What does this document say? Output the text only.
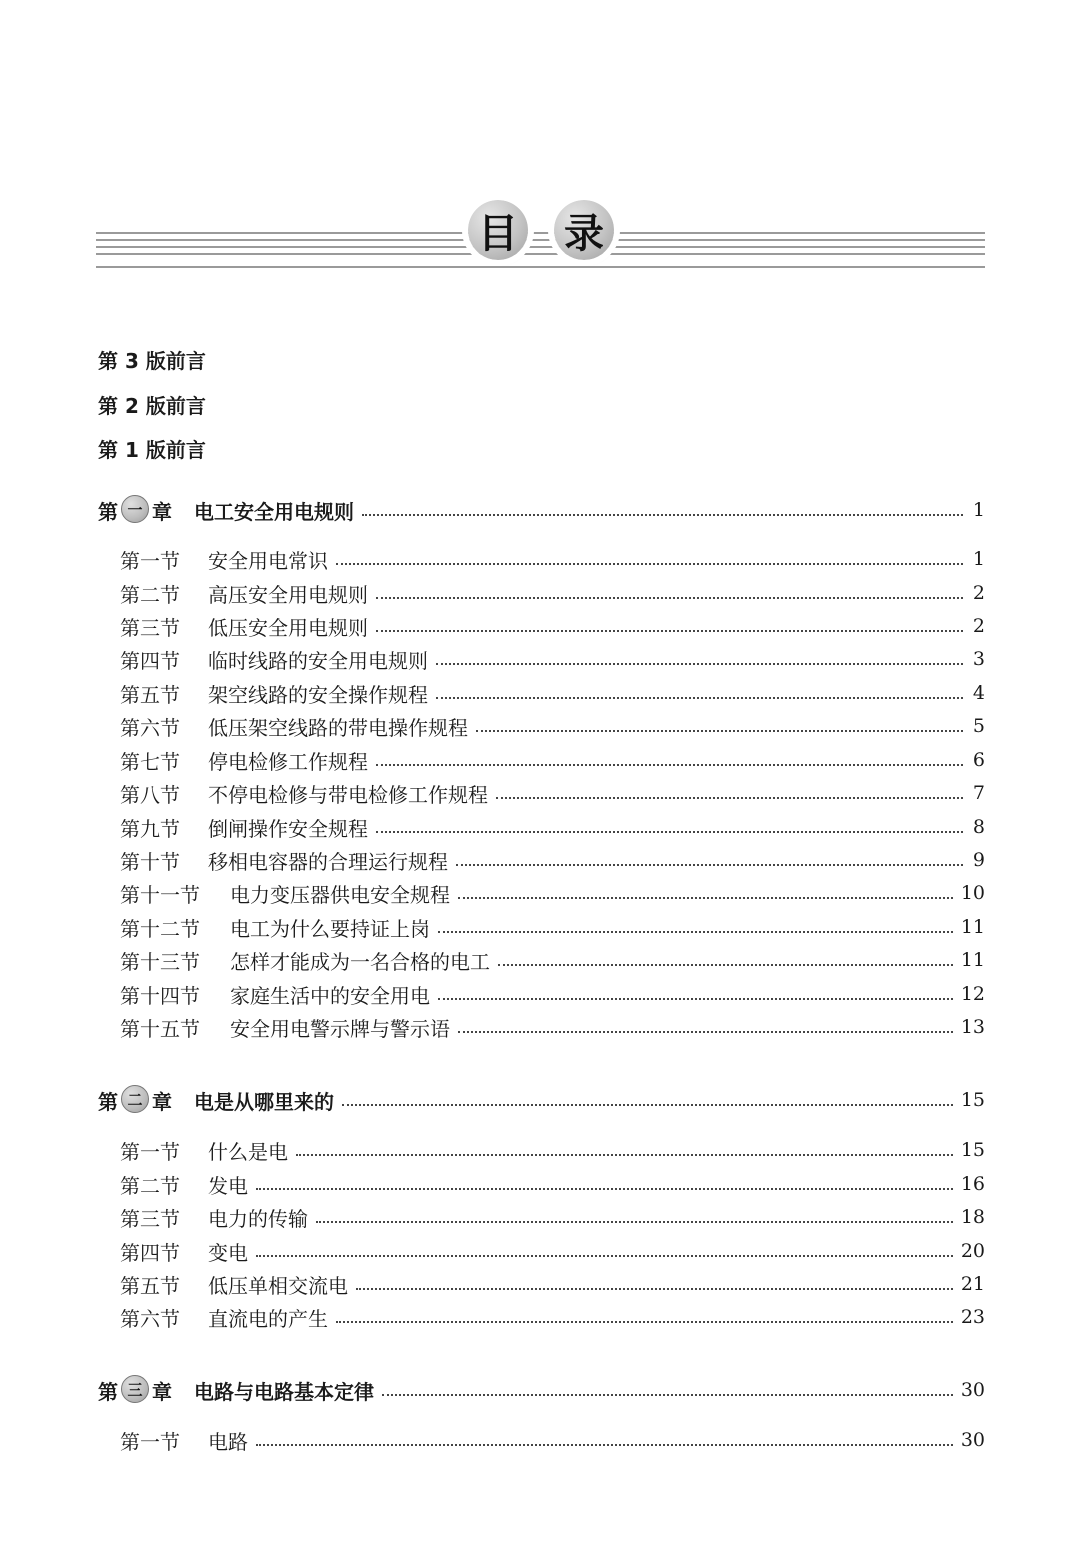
目 录
第 3 版前言
第 2 版前言
第 1 版前言
第 一 章 电工安全用电规则	1
第一节	安全用电常识	1
第二节	高压安全用电规则	2
第三节	低压安全用电规则	2
第四节	临时线路的安全用电规则	3
第五节	架空线路的安全操作规程	4
第六节	低压架空线路的带电操作规程	5
第七节	停电检修工作规程	6
第八节	不停电检修与带电检修工作规程	7
第九节	倒闸操作安全规程	8
第十节	移相电容器的合理运行规程	9
第十一节	电力变压器供电安全规程	10
第十二节	电工为什么要持证上岗	11
第十三节	怎样才能成为一名合格的电工	11
第十四节	家庭生活中的安全用电	12
第十五节	安全用电警示牌与警示语	13
第 二 章 电是从哪里来的	15
第一节	什么是电	15
第二节	发电	16
第三节	电力的传输	18
第四节	变电	20
第五节	低压单相交流电	21
第六节	直流电的产生	23
第 三 章 电路与电路基本定律	30
第一节	电路	30
